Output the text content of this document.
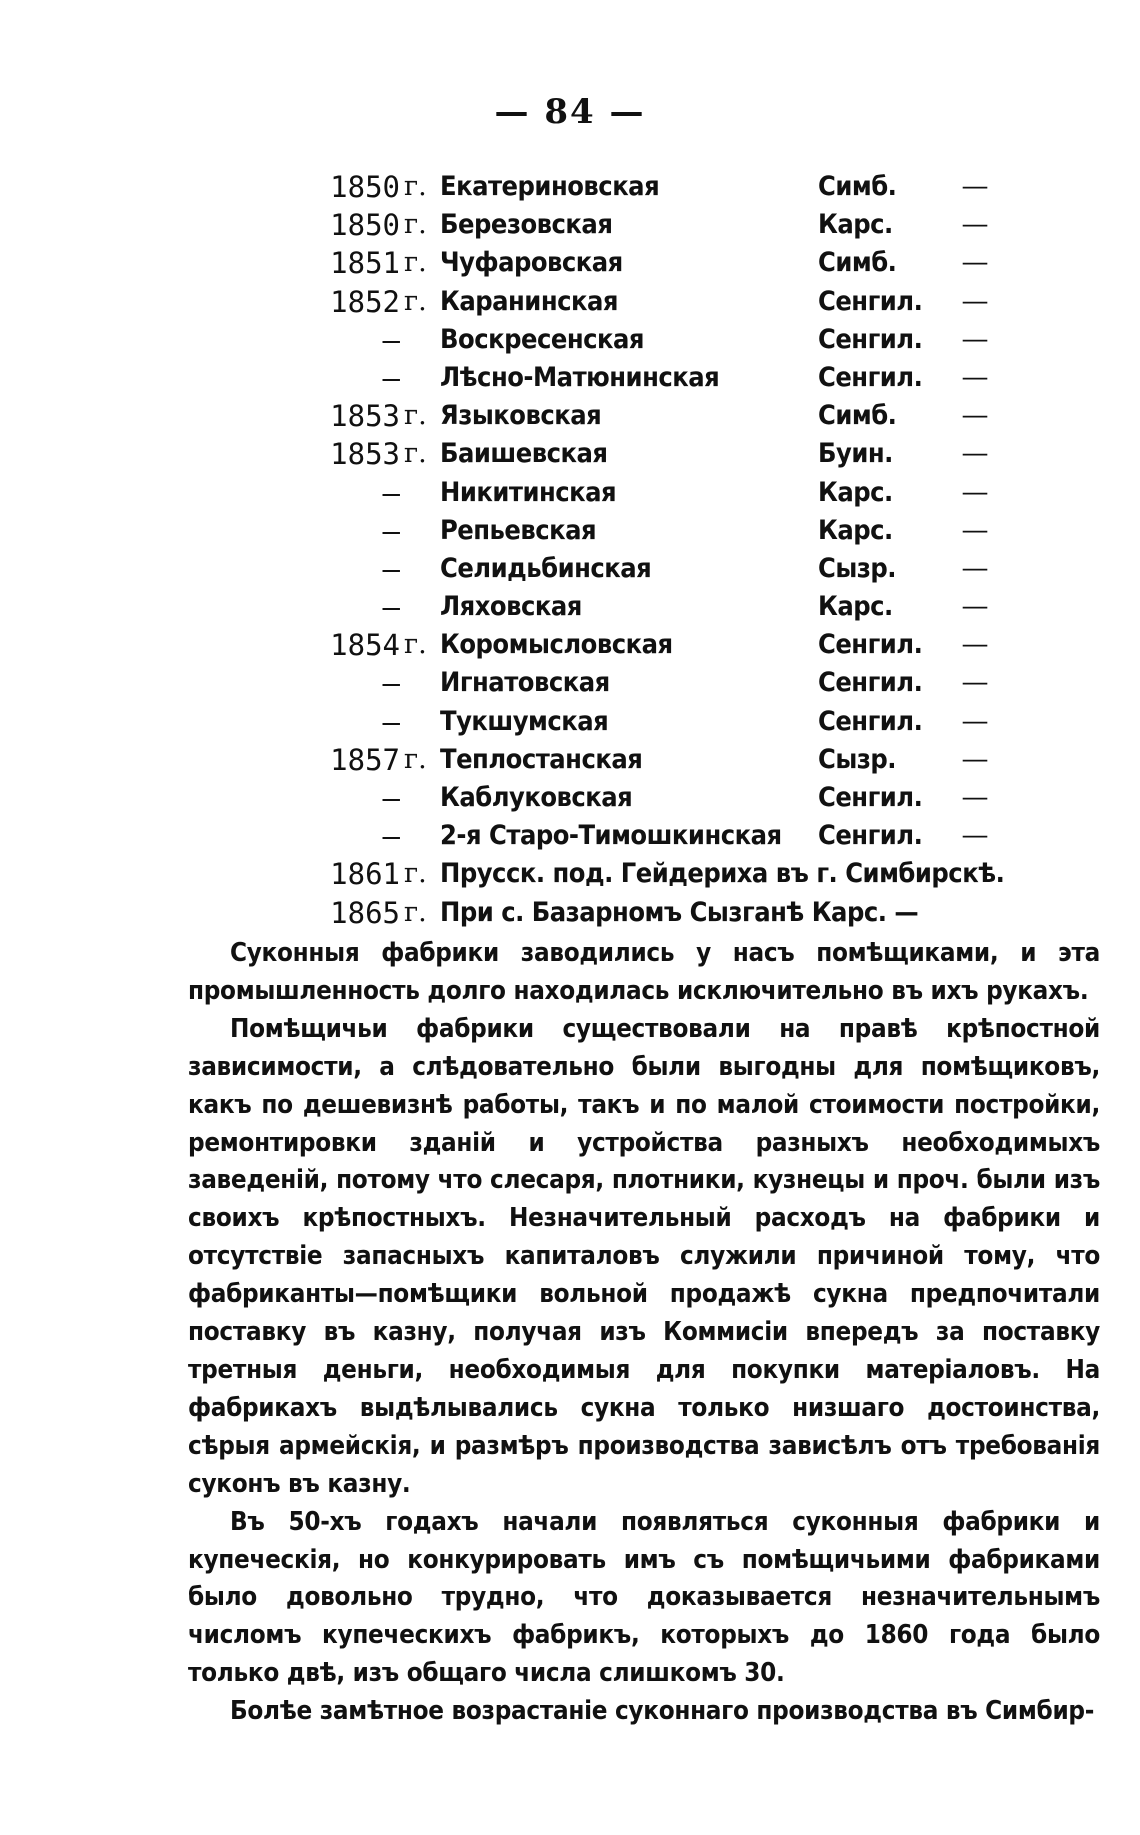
— 84 —
1850 г. Екатериновская	Симб.	—
1850 г. Березовская	Карс.	—
1851 г. Чуфаровская	Симб.	—
1852 г. Каранинская	Сенгил.	—
— Воскресенская	Сенгил.	—
— Лѣсно-Матюнинская	Сенгил.	—
1853 г. Языковская	Симб.	—
1853 г. Баишевская	Буин.	—
— Никитинская	Карс.	—
— Репьевская	Карс.	—
— Селидьбинская	Сызр.	—
— Ляховская	Карс.	—
1854 г. Коромысловская	Сенгил.	—
— Игнатовская	Сенгил.	—
— Тукшумская	Сенгил.	—
1857 г. Теплостанская	Сызр.	—
— Каблуковская	Сенгил.	—
— 2-я Старо-Тимошкинская Сенгил.	—
1861 г. Прусск. под. Гейдериха въ г. Симбирскѣ.
1865 г. При с. Базарномъ Сызганѣ Карс. —

Суконныя фабрики заводились у насъ помѣщиками, и эта промышленность долго находилась исключительно въ ихъ рукахъ.

Помѣщичьи фабрики существовали на правѣ крѣпостной зависимости, а слѣдовательно были выгодны для помѣщиковъ, какъ по дешевизнѣ работы, такъ и по малой стоимости постройки, ремонтировки зданій и устройства разныхъ необходимыхъ заведеній, потому что слесаря, плотники, кузнецы и проч. были изъ своихъ крѣпостныхъ. Незначительный расходъ на фабрики и отсутствіе запасныхъ капиталовъ служили причиной тому, что фабриканты—помѣщики вольной продажѣ сукна предпочитали поставку въ казну, получая изъ Коммисіи впередъ за поставку третныя деньги, необходимыя для покупки матеріаловъ. На фабрикахъ выдѣлывались сукна только низшаго достоинства, сѣрыя армейскія, и размѣръ производства зависѣлъ отъ требованія суконъ въ казну.

Въ 50-хъ годахъ начали появляться суконныя фабрики и купеческія, но конкурировать имъ съ помѣщичьими фабриками было довольно трудно, что доказывается незначительнымъ числомъ купеческихъ фабрикъ, которыхъ до 1860 года было только двѣ, изъ общаго числа слишкомъ 30.

Болѣе замѣтное возрастаніе суконнаго производства въ Симбир-
